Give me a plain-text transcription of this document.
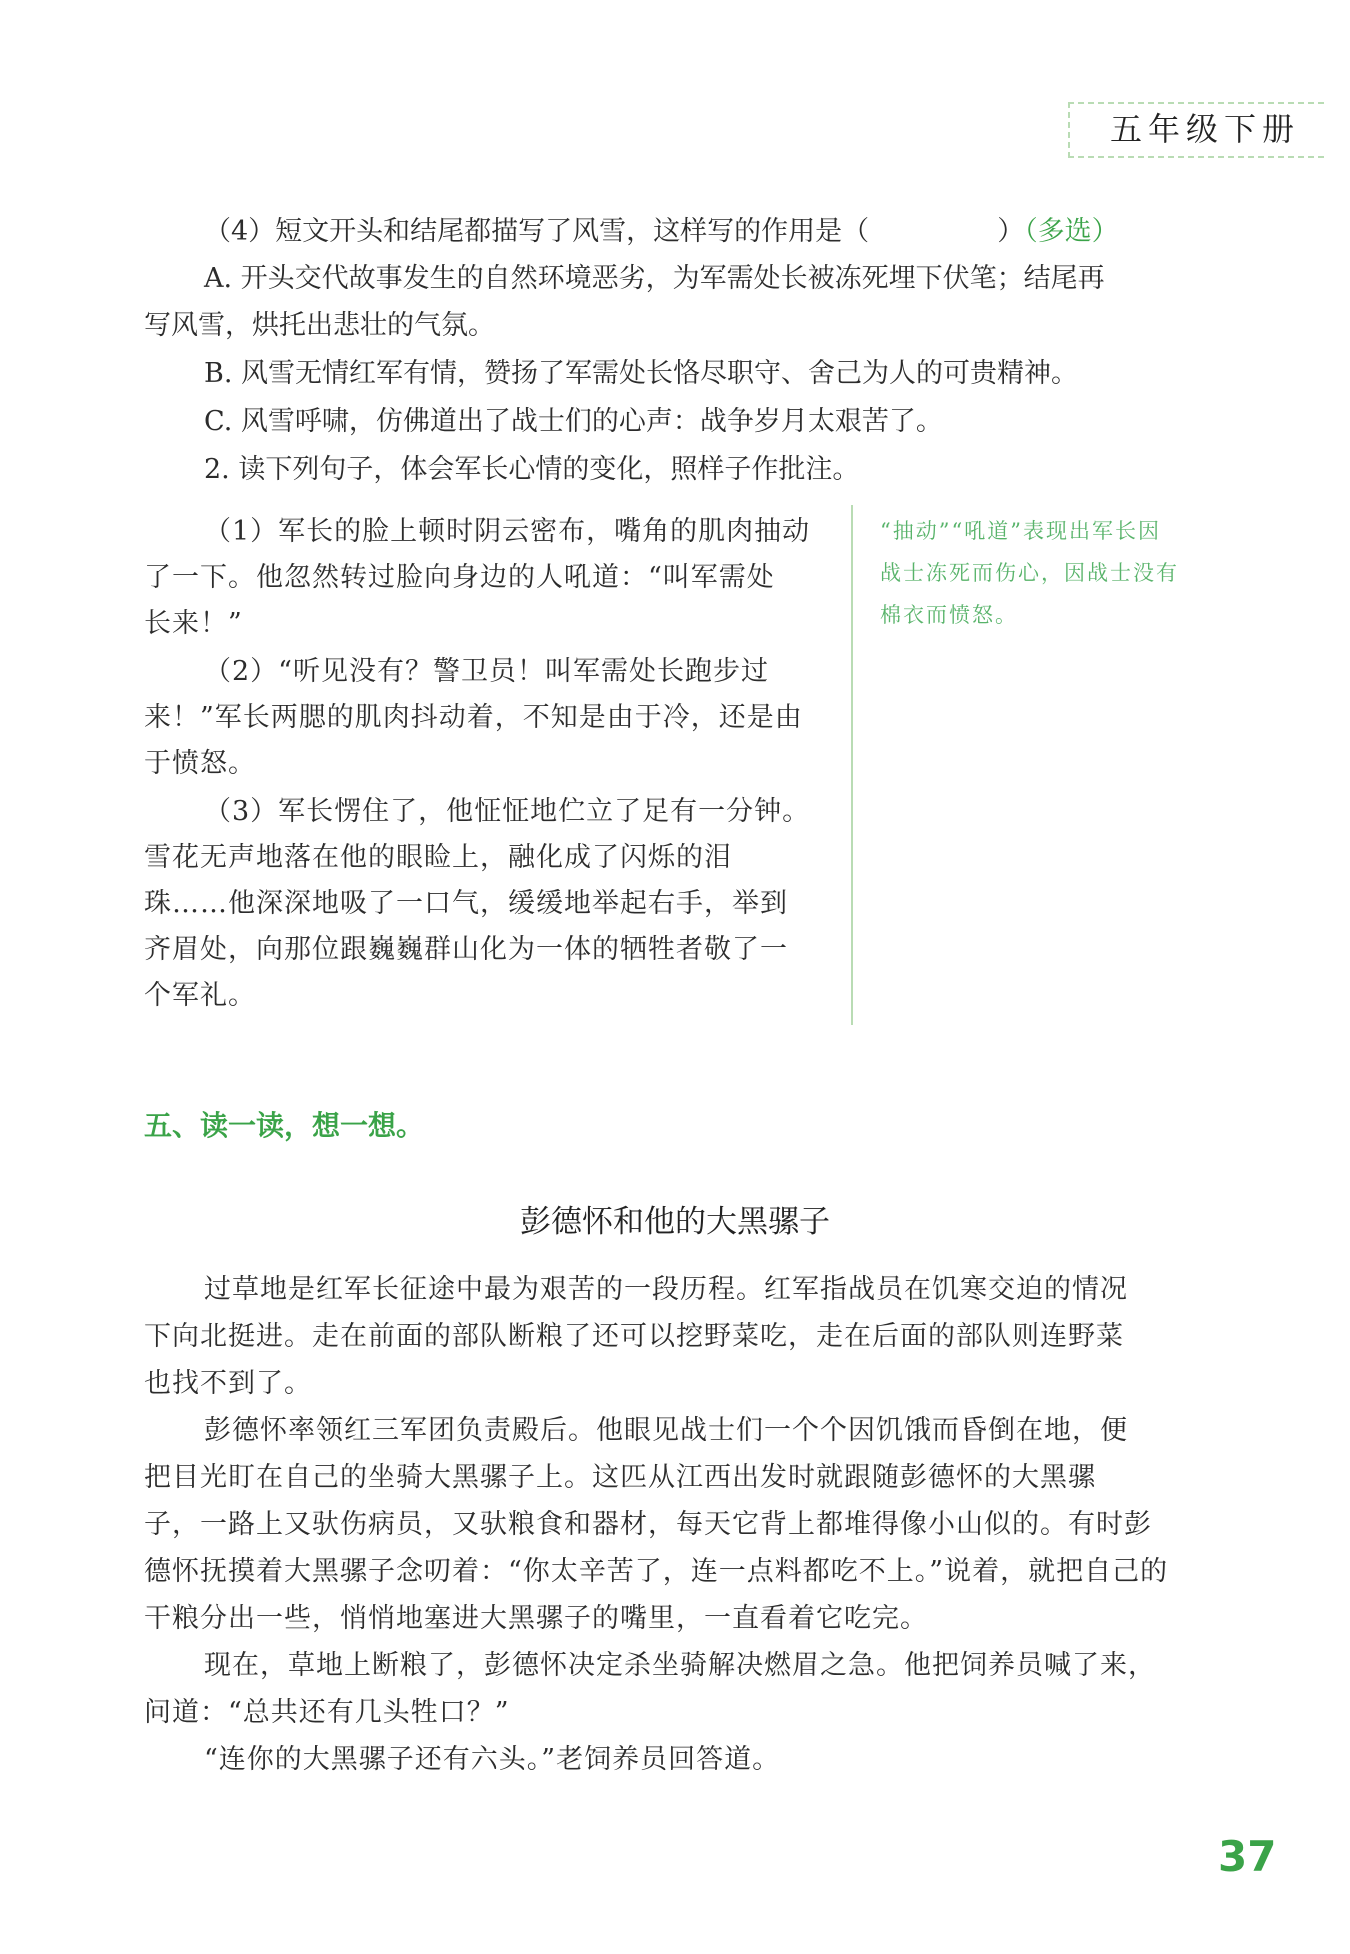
五年级下册
（4）短文开头和结尾都描写了风雪，这样写的作用是（	）（多选）
A. 开头交代故事发生的自然环境恶劣，为军需处长被冻死埋下伏笔；结尾再
写风雪，烘托出悲壮的气氛。
B. 风雪无情红军有情，赞扬了军需处长恪尽职守、舍己为人的可贵精神。
C. 风雪呼啸，仿佛道出了战士们的心声：战争岁月太艰苦了。
2. 读下列句子，体会军长心情的变化，照样子作批注。
（1）军长的脸上顿时阴云密布，嘴角的肌肉抽动
了一下。他忽然转过脸向身边的人吼道：“叫军需处
长来！”
（2）“听见没有？警卫员！叫军需处长跑步过
来！”军长两腮的肌肉抖动着，不知是由于冷，还是由
于愤怒。
（3）军长愣住了，他怔怔地伫立了足有一分钟。
雪花无声地落在他的眼睑上，融化成了闪烁的泪
珠……他深深地吸了一口气，缓缓地举起右手，举到
齐眉处，向那位跟巍巍群山化为一体的牺牲者敬了一
个军礼。
“抽动”“吼道”表现出军长因
战士冻死而伤心，因战士没有
棉衣而愤怒。
五、读一读，想一想。
彭德怀和他的大黑骡子
过草地是红军长征途中最为艰苦的一段历程。红军指战员在饥寒交迫的情况
下向北挺进。走在前面的部队断粮了还可以挖野菜吃，走在后面的部队则连野菜
也找不到了。
彭德怀率领红三军团负责殿后。他眼见战士们一个个因饥饿而昏倒在地，便
把目光盯在自己的坐骑大黑骡子上。这匹从江西出发时就跟随彭德怀的大黑骡
子，一路上又驮伤病员，又驮粮食和器材，每天它背上都堆得像小山似的。有时彭
德怀抚摸着大黑骡子念叨着：“你太辛苦了，连一点料都吃不上。”说着，就把自己的
干粮分出一些，悄悄地塞进大黑骡子的嘴里，一直看着它吃完。
现在，草地上断粮了，彭德怀决定杀坐骑解决燃眉之急。他把饲养员喊了来，
问道：“总共还有几头牲口？”
“连你的大黑骡子还有六头。”老饲养员回答道。
37
